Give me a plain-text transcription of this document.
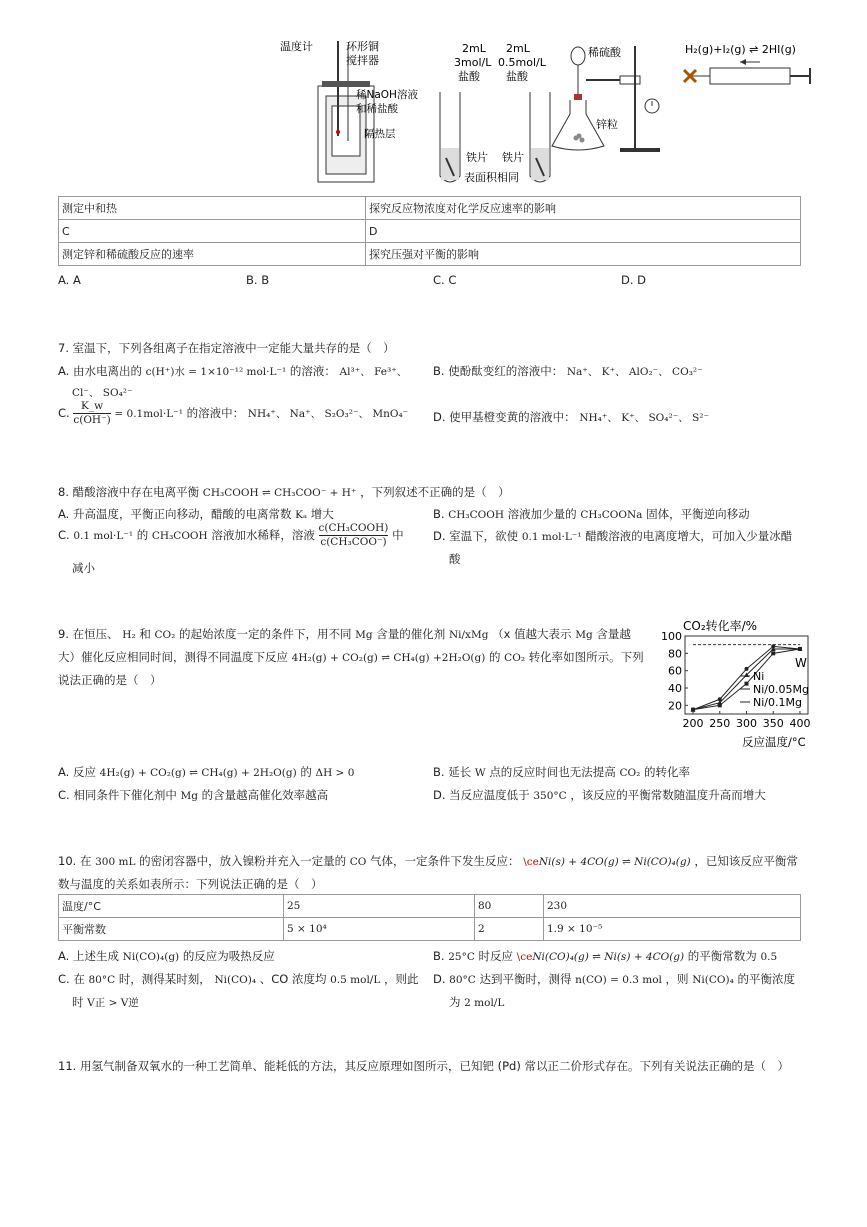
温度计	环形铜
搅拌器
稀NaOH溶液
和稀盐酸
隔热层
2mL
3mol/L
盐酸
2mL
0.5mol/L
盐酸
铁片 铁片
表面积相同
稀硫酸
锌粒
H₂(g)+I₂(g) ⇌ 2HI(g)
测定中和热	探究反应物浓度对化学反应速率的影响
C	D
测定锌和稀硫酸反应的速率	探究压强对平衡的影响
A. A	B. B	C. C	D. D
7. 室温下，下列各组离子在指定溶液中一定能大量共存的是（　）
A. 由水电离出的 c(H⁺)水 = 1×10⁻¹² mol·L⁻¹ 的溶液： Al³⁺、 Fe³⁺、
Cl⁻、 SO₄²⁻
B. 使酚酞变红的溶液中： Na⁺、 K⁺、 AlO₂⁻、 CO₃²⁻
C. $\frac{K\_w}{c(OH^-)} = 0.1mol\cdot L^{-1}$ 的溶液中： NH₄⁺、 Na⁺、 S₂O₃²⁻、 MnO₄⁻ D. 使甲基橙变黄的溶液中： NH₄⁺、 K⁺、 SO₄²⁻、 S²⁻
8. 醋酸溶液中存在电离平衡 CH₃COOH ⇌ CH₃COO⁻ + H⁺ ，下列叙述不正确的是（　）
A. 升高温度，平衡正向移动，醋酸的电离常数 Kₐ 增大	B. CH₃COOH 溶液加少量的 CH₃COONa 固体，平衡逆向移动
C. 0.1 mol·L⁻¹ 的 CH₃COOH 溶液加水稀释，溶液 $\frac{\text{c(CH₃COOH)}}{\text{c(CH₃COO⁻)}}$ 中
减小
D. 室温下，欲使 0.1 mol·L⁻¹ 醋酸溶液的电离度增大，可加入少量冰醋
酸
9. 在恒压、 H₂ 和 CO₂ 的起始浓度一定的条件下，用不同 Mg 含量的催化剂 Ni/xMg （x 值越大表示 Mg 含量越
大）催化反应相同时间，测得不同温度下反应 4H₂(g) + CO₂(g) ⇌ CH₄(g) +2H₂O(g) 的 CO₂ 转化率如图所示。下列
说法正确的是（　）
CO₂转化率/%
20
40
60
80
100
200 250 300 350 400
反应温度/°C
Ni
Ni/0.05Mg
Ni/0.1Mg
W
A. 反应 4H₂(g) + CO₂(g) ⇌ CH₄(g) + 2H₂O(g) 的 ΔH > 0	B. 延长 W 点的反应时间也无法提高 CO₂ 的转化率
C. 相同条件下催化剂中 Mg 的含量越高催化效率越高	D. 当反应温度低于 350°C ，该反应的平衡常数随温度升高而增大
10. 在 300 mL 的密闭容器中，放入镍粉并充入一定量的 CO 气体，一定条件下发生反应： \ceNi(s) + 4CO(g) ⇌ Ni(CO)₄(g) ，已知该反应平衡常
数与温度的关系如表所示：下列说法正确的是（　）
温度/°C	25	80	230
平衡常数	5 × 10⁴	2	1.9 × 10⁻⁵
A. 上述生成 Ni(CO)₄(g) 的反应为吸热反应	B. 25°C 时反应 \ceNi(CO)₄(g) ⇌ Ni(s) + 4CO(g) 的平衡常数为 0.5
C. 在 80°C 时，测得某时刻， Ni(CO)₄ 、CO 浓度均 0.5 mol/L ，则此
时 V正 > V逆
D. 80°C 达到平衡时，测得 n(CO) = 0.3 mol ，则 Ni(CO)₄ 的平衡浓度
为 2 mol/L
11. 用氢气制备双氧水的一种工艺简单、能耗低的方法，其反应原理如图所示，已知钯 (Pd) 常以正二价形式存在。下列有关说法正确的是（　）
